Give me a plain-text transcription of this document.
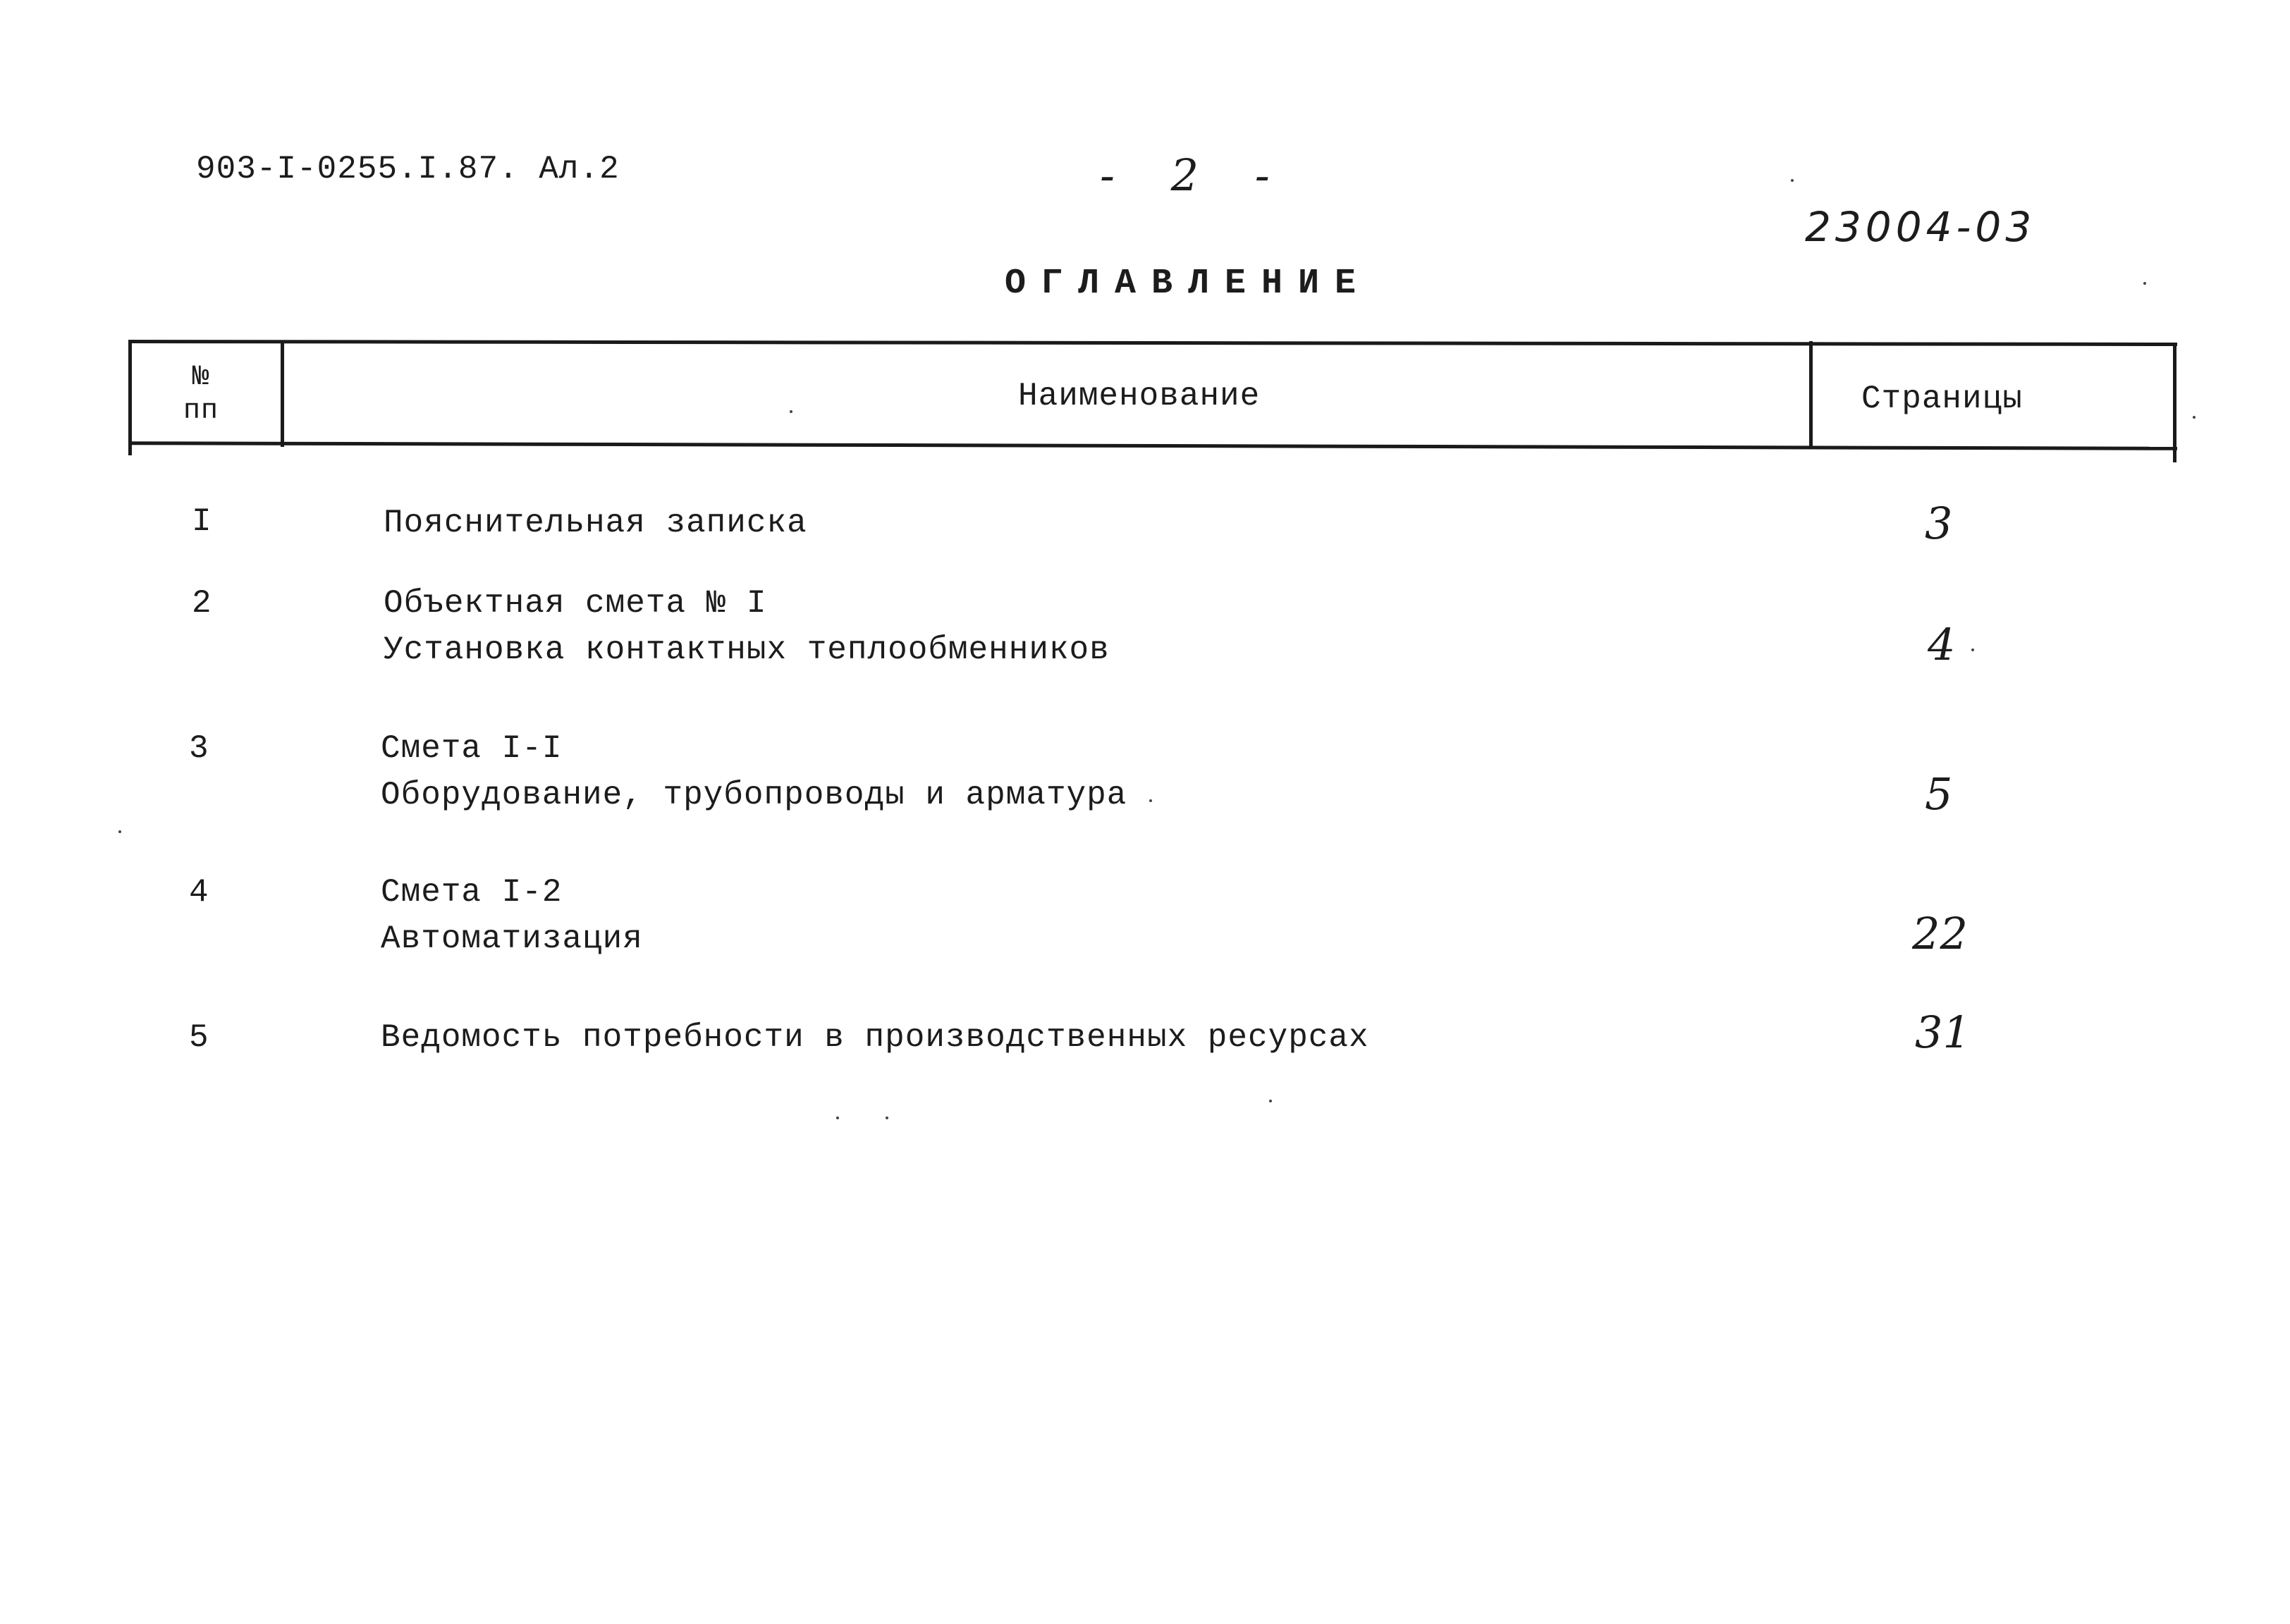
903-I-0255.I.87. Ал.2	- 2 -
23004-03
ОГЛАВЛЕНИЕ
№ пп	Наименование	Страницы
I	Пояснительная записка	3
2	Объектная смета № I
Установка контактных теплообменников	4
3	Смета I-I
Оборудование, трубопроводы и арматура	5
4	Смета I-2
Автоматизация	22
5	Ведомость потребности в производственных ресурсах	31
